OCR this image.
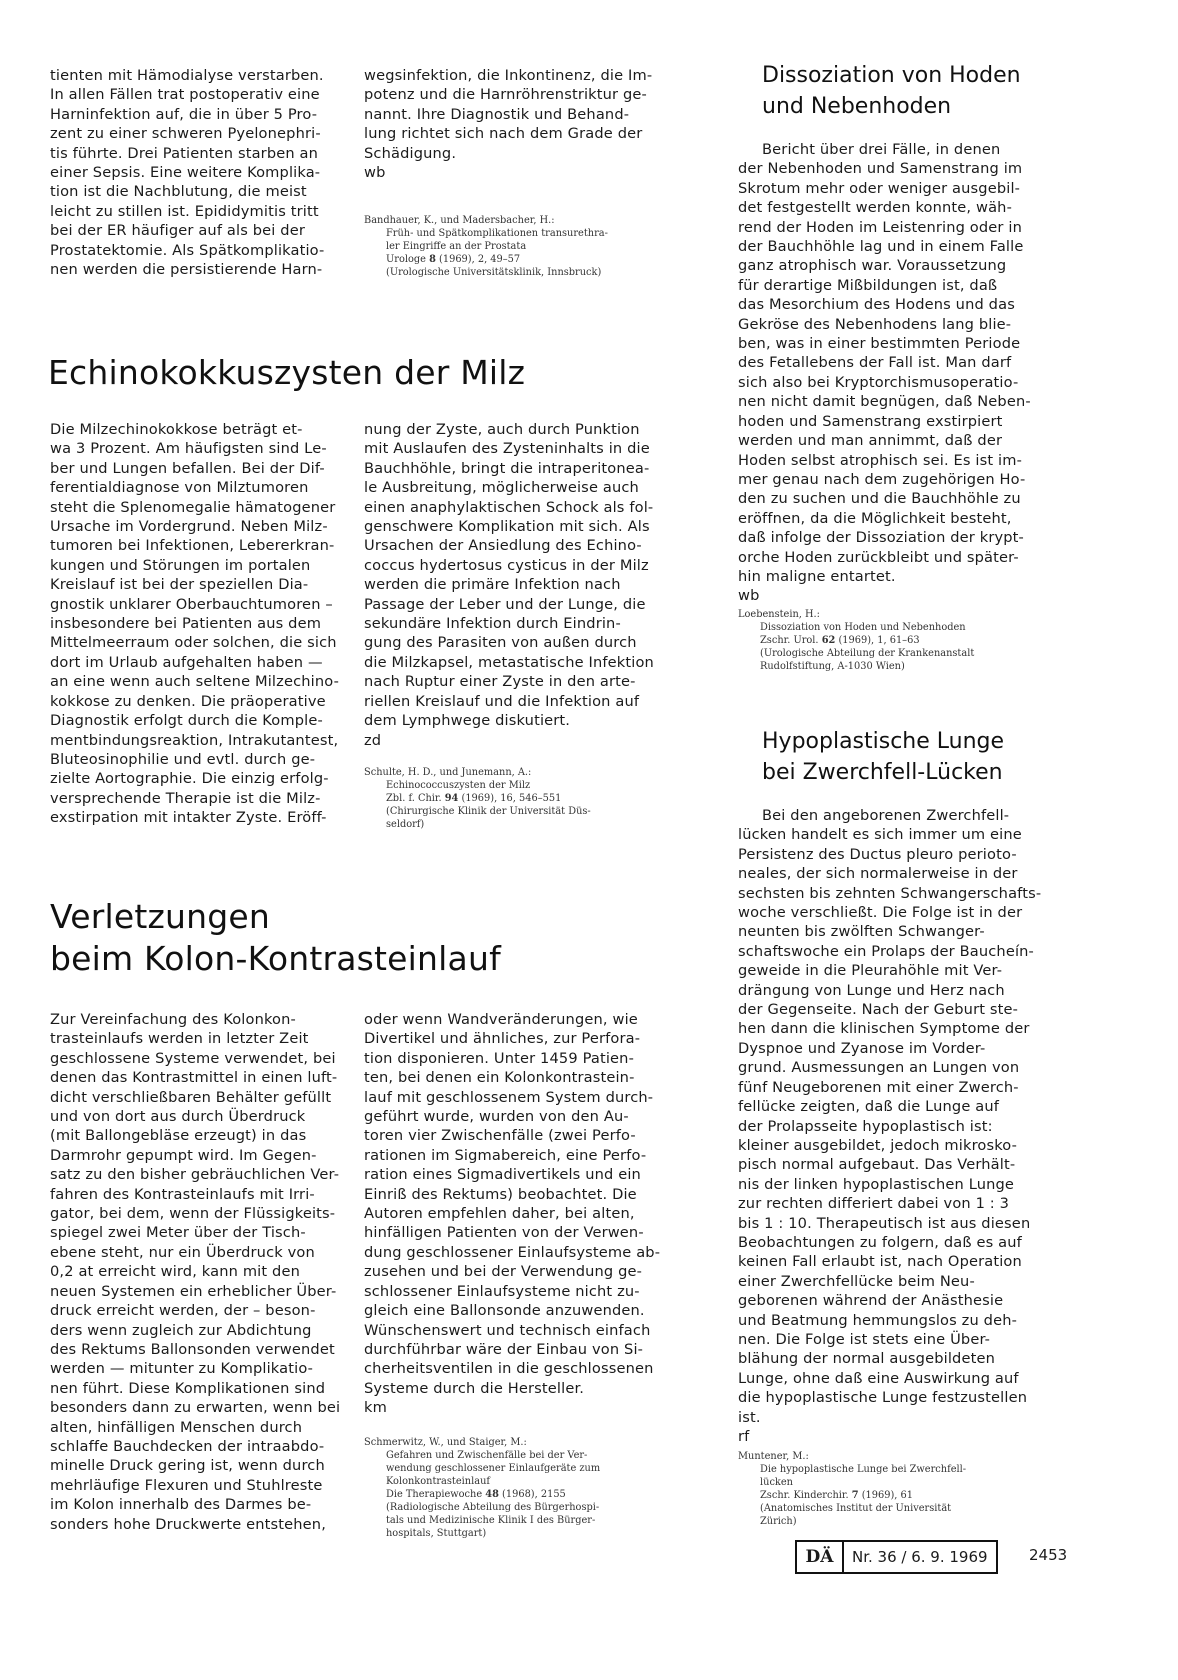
tienten mit Hämodialyse verstarben.
In allen Fällen trat postoperativ eine
Harninfektion auf, die in über 5 Pro-
zent zu einer schweren Pyelonephri-
tis führte. Drei Patienten starben an
einer Sepsis. Eine weitere Komplika-
tion ist die Nachblutung, die meist
leicht zu stillen ist. Epididymitis tritt
bei der ER häufiger auf als bei der
Prostatektomie. Als Spätkomplikatio-
nen werden die persistierende Harn-

wegsinfektion, die Inkontinenz, die Im-
potenz und die Harnröhrenstriktur ge-
nannt. Ihre Diagnostik und Behand-
lung richtet sich nach dem Grade der
Schädigung.
wb

Bandhauer, K., und Madersbacher, H.:
Früh- und Spätkomplikationen transurethra-
ler Eingriffe an der Prostata
Urologe 8 (1969), 2, 49–57
(Urologische Universitätsklinik, Innsbruck)
Echinokokkuszysten der Milz

Die Milzechinokokkose beträgt et-
wa 3 Prozent. Am häufigsten sind Le-
ber und Lungen befallen. Bei der Dif-
ferentialdiagnose von Milztumoren
steht die Splenomegalie hämatogener
Ursache im Vordergrund. Neben Milz-
tumoren bei Infektionen, Lebererkran-
kungen und Störungen im portalen
Kreislauf ist bei der speziellen Dia-
gnostik unklarer Oberbauchtumoren –
insbesondere bei Patienten aus dem
Mittelmeerraum oder solchen, die sich
dort im Urlaub aufgehalten haben —
an eine wenn auch seltene Milzechino-
kokkose zu denken. Die präoperative
Diagnostik erfolgt durch die Komple-
mentbindungsreaktion, Intrakutantest,
Bluteosinophilie und evtl. durch ge-
zielte Aortographie. Die einzig erfolg-
versprechende Therapie ist die Milz-
exstirpation mit intakter Zyste. Eröff-

nung der Zyste, auch durch Punktion
mit Auslaufen des Zysteninhalts in die
Bauchhöhle, bringt die intraperitonea-
le Ausbreitung, möglicherweise auch
einen anaphylaktischen Schock als fol-
genschwere Komplikation mit sich. Als
Ursachen der Ansiedlung des Echino-
coccus hydertosus cysticus in der Milz
werden die primäre Infektion nach
Passage der Leber und der Lunge, die
sekundäre Infektion durch Eindrin-
gung des Parasiten von außen durch
die Milzkapsel, metastatische Infektion
nach Ruptur einer Zyste in den arte-
riellen Kreislauf und die Infektion auf
dem Lymphwege diskutiert.
zd

Schulte, H. D., und Junemann, A.:
Echinococcuszysten der Milz
Zbl. f. Chir. 94 (1969), 16, 546–551
(Chirurgische Klinik der Universität Düs-
seldorf)
Verletzungen
beim Kolon-Kontrasteinlauf

Zur Vereinfachung des Kolonkon-
trasteinlaufs werden in letzter Zeit
geschlossene Systeme verwendet, bei
denen das Kontrastmittel in einen luft-
dicht verschließbaren Behälter gefüllt
und von dort aus durch Überdruck
(mit Ballongebläse erzeugt) in das
Darmrohr gepumpt wird. Im Gegen-
satz zu den bisher gebräuchlichen Ver-
fahren des Kontrasteinlaufs mit Irri-
gator, bei dem, wenn der Flüssigkeits-
spiegel zwei Meter über der Tisch-
ebene steht, nur ein Überdruck von
0,2 at erreicht wird, kann mit den
neuen Systemen ein erheblicher Über-
druck erreicht werden, der – beson-
ders wenn zugleich zur Abdichtung
des Rektums Ballonsonden verwendet
werden — mitunter zu Komplikatio-
nen führt. Diese Komplikationen sind
besonders dann zu erwarten, wenn bei
alten, hinfälligen Menschen durch
schlaffe Bauchdecken der intraabdo-
minelle Druck gering ist, wenn durch
mehrläufige Flexuren und Stuhlreste
im Kolon innerhalb des Darmes be-
sonders hohe Druckwerte entstehen,

oder wenn Wandveränderungen, wie
Divertikel und ähnliches, zur Perfora-
tion disponieren. Unter 1459 Patien-
ten, bei denen ein Kolonkontrastein-
lauf mit geschlossenem System durch-
geführt wurde, wurden von den Au-
toren vier Zwischenfälle (zwei Perfo-
rationen im Sigmabereich, eine Perfo-
ration eines Sigmadivertikels und ein
Einriß des Rektums) beobachtet. Die
Autoren empfehlen daher, bei alten,
hinfälligen Patienten von der Verwen-
dung geschlossener Einlaufsysteme ab-
zusehen und bei der Verwendung ge-
schlossener Einlaufsysteme nicht zu-
gleich eine Ballonsonde anzuwenden.
Wünschenswert und technisch einfach
durchführbar wäre der Einbau von Si-
cherheitsventilen in die geschlossenen
Systeme durch die Hersteller.
km

Schmerwitz, W., und Staiger, M.:
Gefahren und Zwischenfälle bei der Ver-
wendung geschlossener Einlaufgeräte zum
Kolonkontrasteinlauf
Die Therapiewoche 48 (1968), 2155
(Radiologische Abteilung des Bürgerhospi-
tals und Medizinische Klinik I des Bürger-
hospitals, Stuttgart)
Dissoziation von Hoden
und Nebenhoden

Bericht über drei Fälle, in denen
der Nebenhoden und Samenstrang im
Skrotum mehr oder weniger ausgebil-
det festgestellt werden konnte, wäh-
rend der Hoden im Leistenring oder in
der Bauchhöhle lag und in einem Falle
ganz atrophisch war. Voraussetzung
für derartige Mißbildungen ist, daß
das Mesorchium des Hodens und das
Gekröse des Nebenhodens lang blie-
ben, was in einer bestimmten Periode
des Fetallebens der Fall ist. Man darf
sich also bei Kryptorchismusoperatio-
nen nicht damit begnügen, daß Neben-
hoden und Samenstrang exstirpiert
werden und man annimmt, daß der
Hoden selbst atrophisch sei. Es ist im-
mer genau nach dem zugehörigen Ho-
den zu suchen und die Bauchhöhle zu
eröffnen, da die Möglichkeit besteht,
daß infolge der Dissoziation der krypt-
orche Hoden zurückbleibt und später-
hin maligne entartet.
wb

Loebenstein, H.:
Dissoziation von Hoden und Nebenhoden
Zschr. Urol. 62 (1969), 1, 61–63
(Urologische Abteilung der Krankenanstalt
Rudolfstiftung, A-1030 Wien)
Hypoplastische Lunge
bei Zwerchfell-Lücken

Bei den angeborenen Zwerchfell-
lücken handelt es sich immer um eine
Persistenz des Ductus pleuro perioto-
neales, der sich normalerweise in der
sechsten bis zehnten Schwangerschafts-
woche verschließt. Die Folge ist in der
neunten bis zwölften Schwanger-
schaftswoche ein Prolaps der Baucheín-
geweide in die Pleurahöhle mit Ver-
drängung von Lunge und Herz nach
der Gegenseite. Nach der Geburt ste-
hen dann die klinischen Symptome der
Dyspnoe und Zyanose im Vorder-
grund. Ausmessungen an Lungen von
fünf Neugeborenen mit einer Zwerch-
fellücke zeigten, daß die Lunge auf
der Prolapsseite hypoplastisch ist:
kleiner ausgebildet, jedoch mikrosko-
pisch normal aufgebaut. Das Verhält-
nis der linken hypoplastischen Lunge
zur rechten differiert dabei von 1 : 3
bis 1 : 10. Therapeutisch ist aus diesen
Beobachtungen zu folgern, daß es auf
keinen Fall erlaubt ist, nach Operation
einer Zwerchfellücke beim Neu-
geborenen während der Anästhesie
und Beatmung hemmungslos zu deh-
nen. Die Folge ist stets eine Über-
blähung der normal ausgebildeten
Lunge, ohne daß eine Auswirkung auf
die hypoplastische Lunge festzustellen
ist.
rf

Muntener, M.:
Die hypoplastische Lunge bei Zwerchfell-
lücken
Zschr. Kinderchir. 7 (1969), 61
(Anatomisches Institut der Universität
Zürich)
DÄ	Nr. 36 / 6. 9. 1969	2453
